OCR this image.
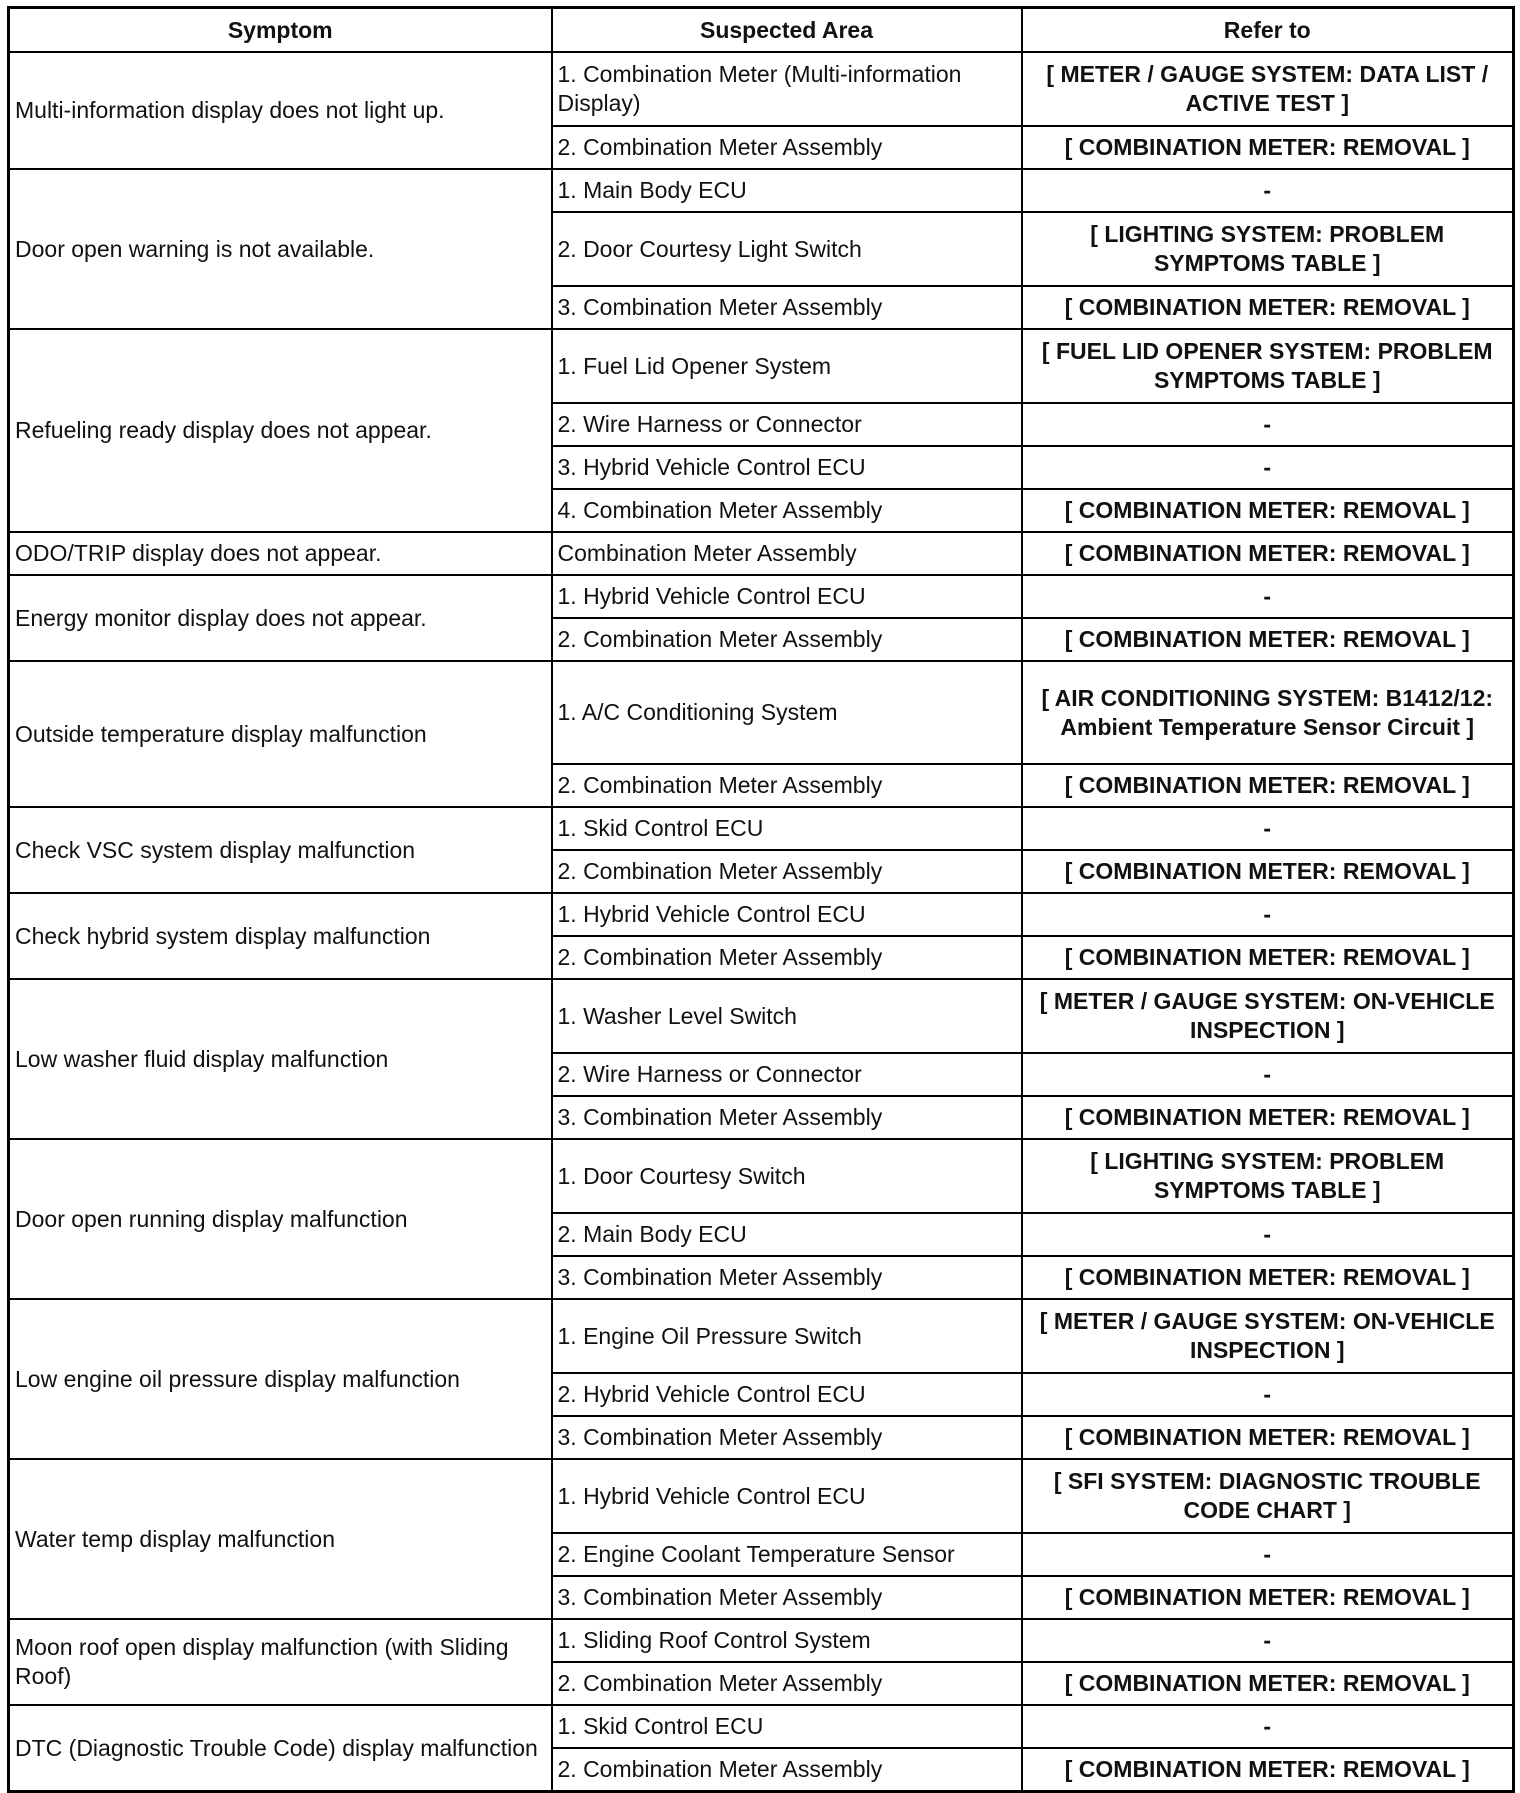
Symptom	Suspected Area	Refer to
Multi-information display does not light up.	1. Combination Meter (Multi-information Display)	[ METER / GAUGE SYSTEM: DATA LIST / ACTIVE TEST ]
	2. Combination Meter Assembly	[ COMBINATION METER: REMOVAL ]
Door open warning is not available.	1. Main Body ECU	-
	2. Door Courtesy Light Switch	[ LIGHTING SYSTEM: PROBLEM SYMPTOMS TABLE ]
	3. Combination Meter Assembly	[ COMBINATION METER: REMOVAL ]
Refueling ready display does not appear.	1. Fuel Lid Opener System	[ FUEL LID OPENER SYSTEM: PROBLEM SYMPTOMS TABLE ]
	2. Wire Harness or Connector	-
	3. Hybrid Vehicle Control ECU	-
	4. Combination Meter Assembly	[ COMBINATION METER: REMOVAL ]
ODO/TRIP display does not appear.	Combination Meter Assembly	[ COMBINATION METER: REMOVAL ]
Energy monitor display does not appear.	1. Hybrid Vehicle Control ECU	-
	2. Combination Meter Assembly	[ COMBINATION METER: REMOVAL ]
Outside temperature display malfunction	1. A/C Conditioning System	[ AIR CONDITIONING SYSTEM: B1412/12: Ambient Temperature Sensor Circuit ]
	2. Combination Meter Assembly	[ COMBINATION METER: REMOVAL ]
Check VSC system display malfunction	1. Skid Control ECU	-
	2. Combination Meter Assembly	[ COMBINATION METER: REMOVAL ]
Check hybrid system display malfunction	1. Hybrid Vehicle Control ECU	-
	2. Combination Meter Assembly	[ COMBINATION METER: REMOVAL ]
Low washer fluid display malfunction	1. Washer Level Switch	[ METER / GAUGE SYSTEM: ON-VEHICLE INSPECTION ]
	2. Wire Harness or Connector	-
	3. Combination Meter Assembly	[ COMBINATION METER: REMOVAL ]
Door open running display malfunction	1. Door Courtesy Switch	[ LIGHTING SYSTEM: PROBLEM SYMPTOMS TABLE ]
	2. Main Body ECU	-
	3. Combination Meter Assembly	[ COMBINATION METER: REMOVAL ]
Low engine oil pressure display malfunction	1. Engine Oil Pressure Switch	[ METER / GAUGE SYSTEM: ON-VEHICLE INSPECTION ]
	2. Hybrid Vehicle Control ECU	-
	3. Combination Meter Assembly	[ COMBINATION METER: REMOVAL ]
Water temp display malfunction	1. Hybrid Vehicle Control ECU	[ SFI SYSTEM: DIAGNOSTIC TROUBLE CODE CHART ]
	2. Engine Coolant Temperature Sensor	-
	3. Combination Meter Assembly	[ COMBINATION METER: REMOVAL ]
Moon roof open display malfunction (with Sliding Roof)	1. Sliding Roof Control System	-
	2. Combination Meter Assembly	[ COMBINATION METER: REMOVAL ]
DTC (Diagnostic Trouble Code) display malfunction	1. Skid Control ECU	-
	2. Combination Meter Assembly	[ COMBINATION METER: REMOVAL ]
